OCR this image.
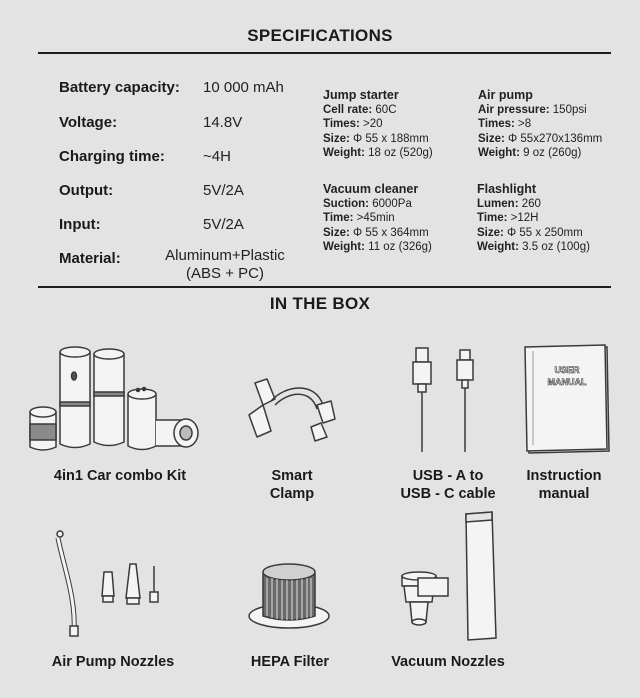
SPECIFICATIONS
Battery capacity: 10 000 mAh
Voltage:	14.8V
Charging time:	~4H
Output:	5V/2A
Input:	5V/2A
Material:	Aluminum+Plastic
(ABS + PC)
Jump starter
Cell rate: 60C
Times: >20
Size: Φ 55 x 188mm
Weight: 18 oz (520g)
Air pump
Air pressure: 150psi
Times: >8
Size: Φ 55x270x136mm
Weight: 9 oz (260g)
Vacuum cleaner
Suction: 6000Pa
Time: >45min
Size: Φ 55 x 364mm
Weight: 11 oz (326g)
Flashlight
Lumen: 260
Time: >12H
Size: Φ 55 x 250mm
Weight: 3.5 oz (100g)
IN THE BOX
USER
MANUAL
4in1 Car combo Kit	Smart
Clamp
USB - A to
USB - C cable
Instruction
manual
Air Pump Nozzles	HEPA Filter	Vacuum Nozzles
